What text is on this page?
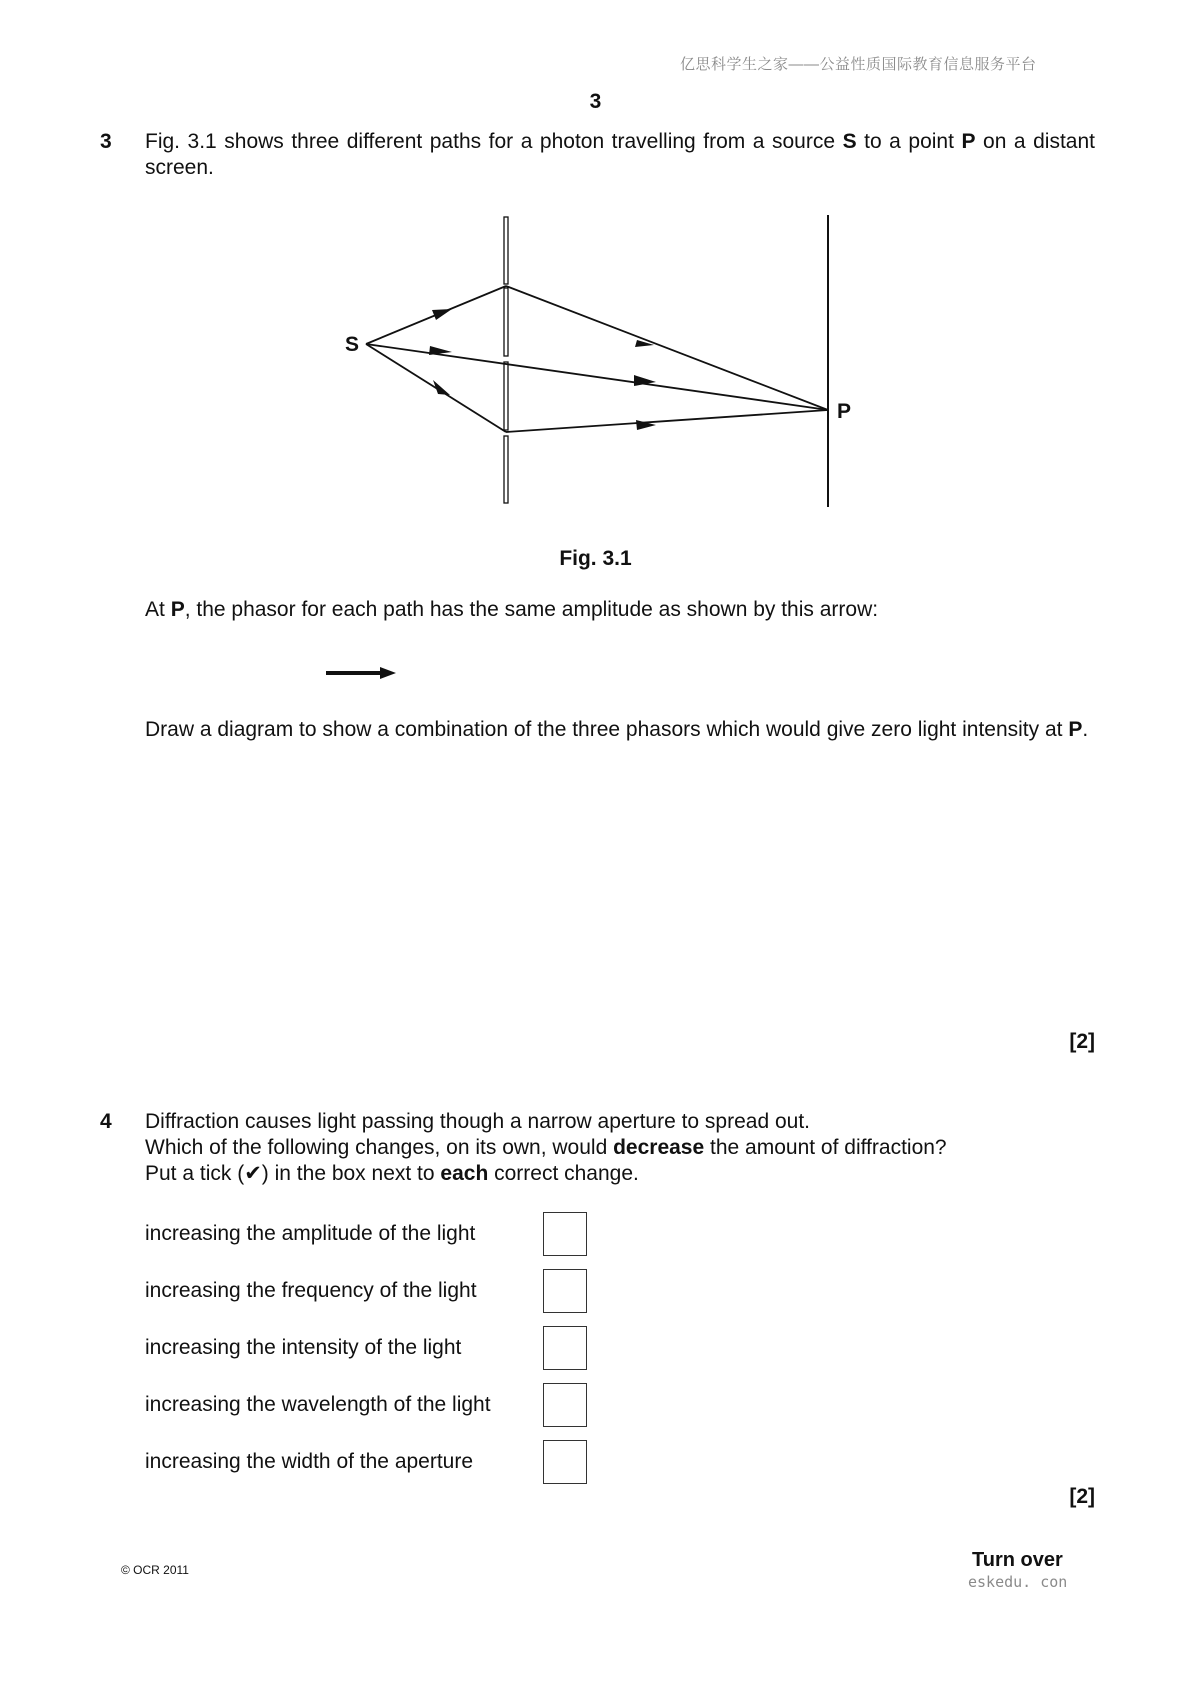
亿思科学生之家——公益性质国际教育信息服务平台
3
3 Fig. 3.1 shows three different paths for a photon travelling from a source S to a point P on a distant screen.
S
P
Fig. 3.1
At P, the phasor for each path has the same amplitude as shown by this arrow:
Draw a diagram to show a combination of the three phasors which would give zero light intensity at P.
[2]
4 Diffraction causes light passing though a narrow aperture to spread out.
Which of the following changes, on its own, would decrease the amount of diffraction?
Put a tick (✔) in the box next to each correct change.
increasing the amplitude of the light
increasing the frequency of the light
increasing the intensity of the light
increasing the wavelength of the light
increasing the width of the aperture
[2]
© OCR 2011	Turn over
eskedu. con
